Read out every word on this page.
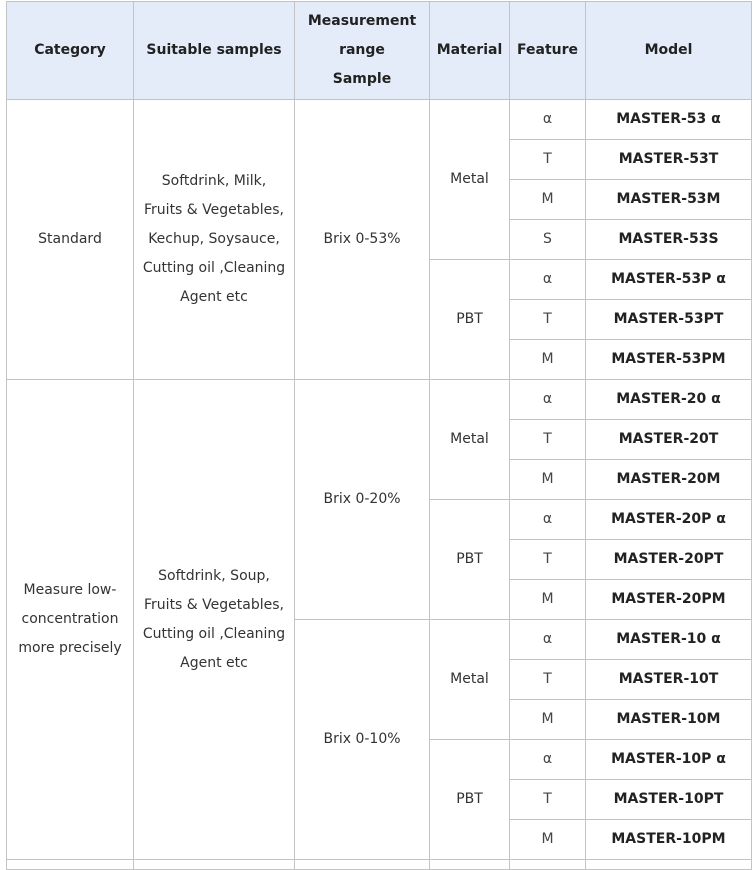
Category	Suitable samples	Measurement
range
Sample	Material	Feature	Model
Standard	Softdrink, Milk,
Fruits & Vegetables,
Kechup, Soysauce,
Cutting oil ,Cleaning
Agent etc	Brix 0-53%	Metal	α	MASTER-53 α
				T	MASTER-53T
				M	MASTER-53M
				S	MASTER-53S
			PBT	α	MASTER-53P α
				T	MASTER-53PT
				M	MASTER-53PM
Measure low-
concentration
more precisely	Softdrink, Soup,
Fruits & Vegetables,
Cutting oil ,Cleaning
Agent etc	Brix 0-20%	Metal	α	MASTER-20 α
				T	MASTER-20T
				M	MASTER-20M
			PBT	α	MASTER-20P α
				T	MASTER-20PT
				M	MASTER-20PM
		Brix 0-10%	Metal	α	MASTER-10 α
				T	MASTER-10T
				M	MASTER-10M
			PBT	α	MASTER-10P α
				T	MASTER-10PT
				M	MASTER-10PM
